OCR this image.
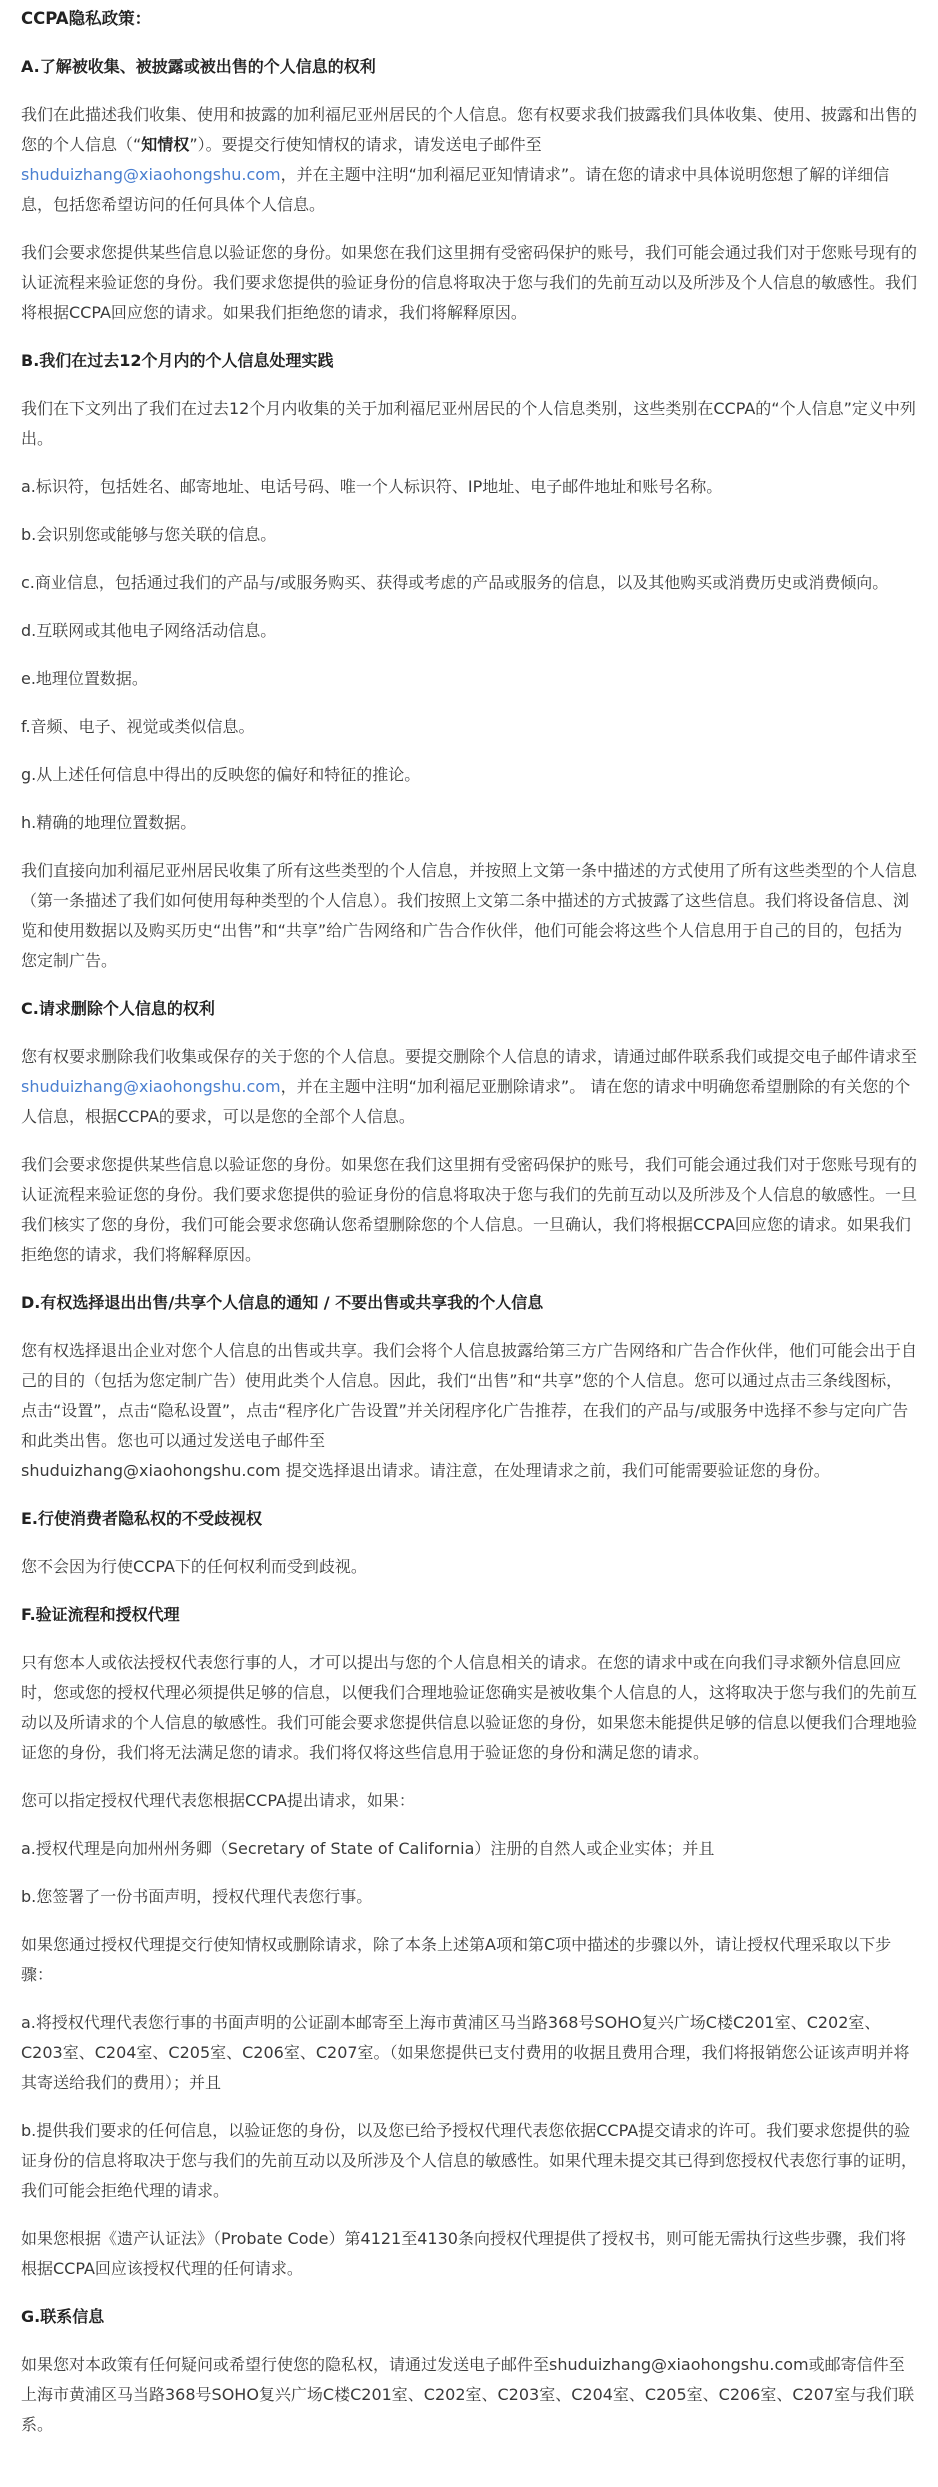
CCPA隐私政策：
A.了解被收集、被披露或被出售的个人信息的权利

我们在此描述我们收集、使用和披露的加利福尼亚州居民的个人信息。您有权要求我们披露我们具体收集、使用、披露和出售的您的个人信息（“知情权”）。要提交行使知情权的请求，请发送电子邮件至
shuduizhang@xiaohongshu.com，并在主题中注明“加利福尼亚知情请求”。请在您的请求中具体说明您想了解的详细信息，包括您希望访问的任何具体个人信息。

我们会要求您提供某些信息以验证您的身份。如果您在我们这里拥有受密码保护的账号，我们可能会通过我们对于您账号现有的认证流程来验证您的身份。我们要求您提供的验证身份的信息将取决于您与我们的先前互动以及所涉及个人信息的敏感性。我们将根据CCPA回应您的请求。如果我们拒绝您的请求，我们将解释原因。

B.我们在过去12个月内的个人信息处理实践

我们在下文列出了我们在过去12个月内收集的关于加利福尼亚州居民的个人信息类别，这些类别在CCPA的“个人信息”定义中列出。

a.标识符，包括姓名、邮寄地址、电话号码、唯一个人标识符、IP地址、电子邮件地址和账号名称。

b.会识别您或能够与您关联的信息。

c.商业信息，包括通过我们的产品与/或服务购买、获得或考虑的产品或服务的信息，以及其他购买或消费历史或消费倾向。

d.互联网或其他电子网络活动信息。

e.地理位置数据。

f.音频、电子、视觉或类似信息。

g.从上述任何信息中得出的反映您的偏好和特征的推论。

h.精确的地理位置数据。

我们直接向加利福尼亚州居民收集了所有这些类型的个人信息，并按照上文第一条中描述的方式使用了所有这些类型的个人信息（第一条描述了我们如何使用每种类型的个人信息）。我们按照上文第二条中描述的方式披露了这些信息。我们将设备信息、浏览和使用数据以及购买历史“出售”和“共享”给广告网络和广告合作伙伴，他们可能会将这些个人信息用于自己的目的，包括为您定制广告。

C.请求删除个人信息的权利

您有权要求删除我们收集或保存的关于您的个人信息。要提交删除个人信息的请求，请通过邮件联系我们或提交电子邮件请求至shuduizhang@xiaohongshu.com，并在主题中注明“加利福尼亚删除请求”。 请在您的请求中明确您希望删除的有关您的个人信息，根据CCPA的要求，可以是您的全部个人信息。

我们会要求您提供某些信息以验证您的身份。如果您在我们这里拥有受密码保护的账号，我们可能会通过我们对于您账号现有的认证流程来验证您的身份。我们要求您提供的验证身份的信息将取决于您与我们的先前互动以及所涉及个人信息的敏感性。一旦我们核实了您的身份，我们可能会要求您确认您希望删除您的个人信息。一旦确认，我们将根据CCPA回应您的请求。如果我们拒绝您的请求，我们将解释原因。

D.有权选择退出出售/共享个人信息的通知 / 不要出售或共享我的个人信息

您有权选择退出企业对您个人信息的出售或共享。我们会将个人信息披露给第三方广告网络和广告合作伙伴，他们可能会出于自己的目的（包括为您定制广告）使用此类个人信息。因此，我们“出售”和“共享”您的个人信息。您可以通过点击三条线图标，点击“设置”，点击“隐私设置”，点击“程序化广告设置”并关闭程序化广告推荐，在我们的产品与/或服务中选择不参与定向广告和此类出售。您也可以通过发送电子邮件至
shuduizhang@xiaohongshu.com 提交选择退出请求。请注意，在处理请求之前，我们可能需要验证您的身份。

E.行使消费者隐私权的不受歧视权

您不会因为行使CCPA下的任何权利而受到歧视。

F.验证流程和授权代理

只有您本人或依法授权代表您行事的人，才可以提出与您的个人信息相关的请求。在您的请求中或在向我们寻求额外信息回应时，您或您的授权代理必须提供足够的信息，以便我们合理地验证您确实是被收集个人信息的人，这将取决于您与我们的先前互动以及所请求的个人信息的敏感性。我们可能会要求您提供信息以验证您的身份，如果您未能提供足够的信息以便我们合理地验证您的身份，我们将无法满足您的请求。我们将仅将这些信息用于验证您的身份和满足您的请求。

您可以指定授权代理代表您根据CCPA提出请求，如果：

a.授权代理是向加州州务卿（Secretary of State of California）注册的自然人或企业实体；并且

b.您签署了一份书面声明，授权代理代表您行事。

如果您通过授权代理提交行使知情权或删除请求，除了本条上述第A项和第C项中描述的步骤以外，请让授权代理采取以下步骤：

a.将授权代理代表您行事的书面声明的公证副本邮寄至上海市黄浦区马当路368号SOHO复兴广场C楼C201室、C202室、C203室、C204室、C205室、C206室、C207室。（如果您提供已支付费用的收据且费用合理，我们将报销您公证该声明并将其寄送给我们的费用）；并且

b.提供我们要求的任何信息，以验证您的身份，以及您已给予授权代理代表您依据CCPA提交请求的许可。我们要求您提供的验证身份的信息将取决于您与我们的先前互动以及所涉及个人信息的敏感性。如果代理未提交其已得到您授权代表您行事的证明，我们可能会拒绝代理的请求。

如果您根据《遗产认证法》（Probate Code）第4121至4130条向授权代理提供了授权书，则可能无需执行这些步骤，我们将根据CCPA回应该授权代理的任何请求。

G.联系信息

如果您对本政策有任何疑问或希望行使您的隐私权，请通过发送电子邮件至shuduizhang@xiaohongshu.com或邮寄信件至上海市黄浦区马当路368号SOHO复兴广场C楼C201室、C202室、C203室、C204室、C205室、C206室、C207室与我们联系。
